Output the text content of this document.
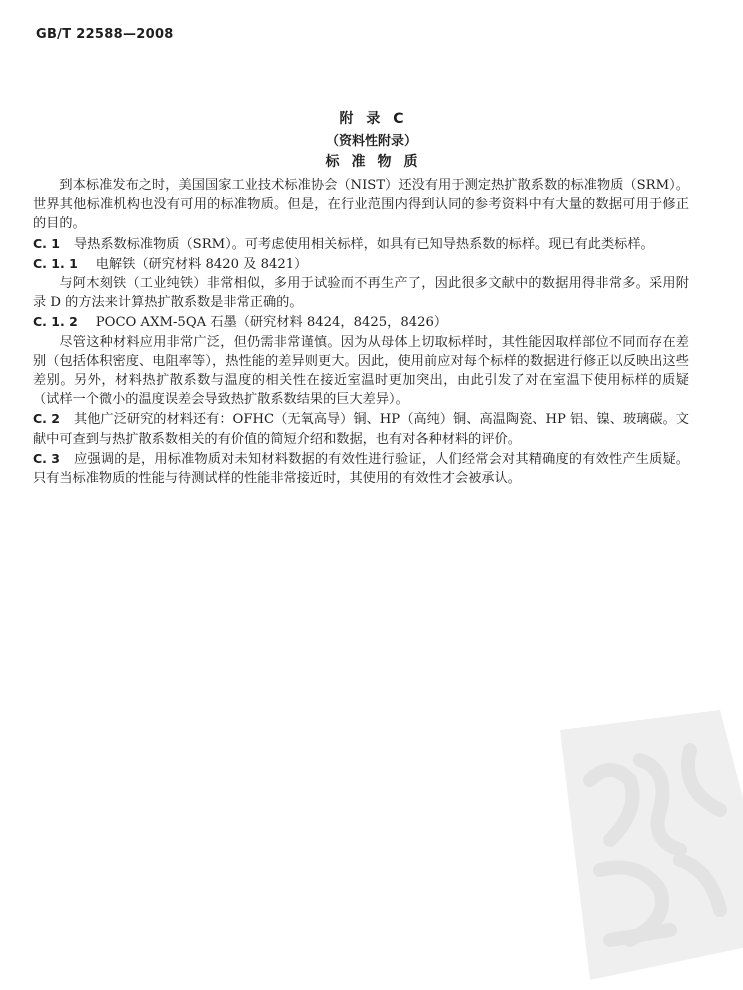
GB/T 22588—2008
附 录 C
（资料性附录）
标准物质

到本标准发布之时，美国国家工业技术标准协会（NIST）还没有用于测定热扩散系数的标准物质（SRM）。世界其他标准机构也没有可用的标准物质。但是，在行业范围内得到认同的参考资料中有大量的数据可用于修正的目的。

C. 1 导热系数标准物质（SRM）。可考虑使用相关标样，如具有已知导热系数的标样。现已有此类标样。

C. 1. 1 电解铁（研究材料 8420 及 8421）

与阿木刻铁（工业纯铁）非常相似，多用于试验而不再生产了，因此很多文献中的数据用得非常多。采用附录 D 的方法来计算热扩散系数是非常正确的。

C. 1. 2 POCO AXM-5QA 石墨（研究材料 8424，8425，8426）

尽管这种材料应用非常广泛，但仍需非常谨慎。因为从母体上切取标样时，其性能因取样部位不同而存在差别（包括体积密度、电阻率等），热性能的差异则更大。因此，使用前应对每个标样的数据进行修正以反映出这些差别。另外，材料热扩散系数与温度的相关性在接近室温时更加突出，由此引发了对在室温下使用标样的质疑（试样一个微小的温度误差会导致热扩散系数结果的巨大差异）。

C. 2 其他广泛研究的材料还有：OFHC（无氧高导）铜、HP（高纯）铜、高温陶瓷、HP 铝、镍、玻璃碳。文献中可查到与热扩散系数相关的有价值的简短介绍和数据，也有对各种材料的评价。

C. 3 应强调的是，用标准物质对未知材料数据的有效性进行验证，人们经常会对其精确度的有效性产生质疑。只有当标准物质的性能与待测试样的性能非常接近时，其使用的有效性才会被承认。
